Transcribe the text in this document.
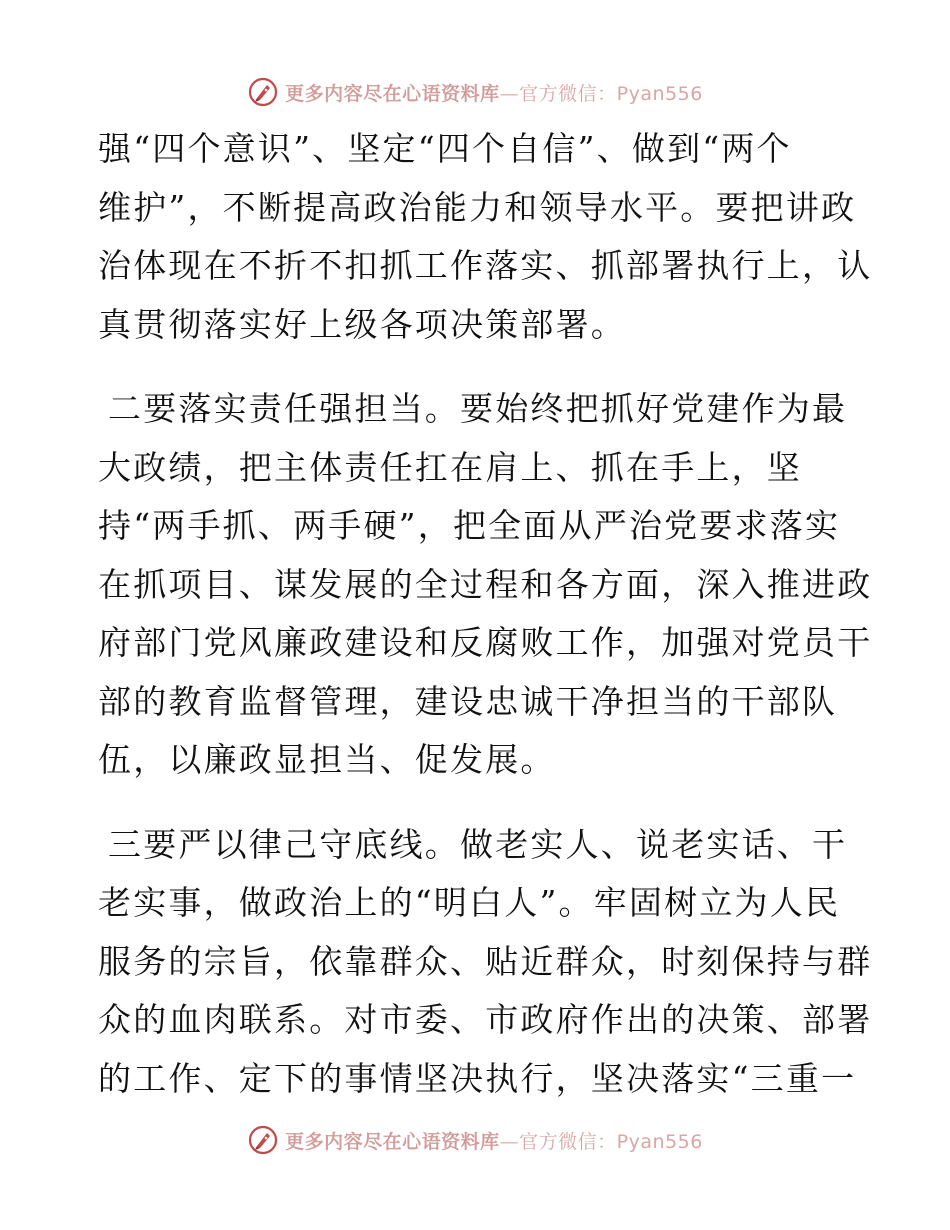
更多内容尽在心语资料库—官方微信：Pyan556
强“四个意识”、坚定“四个自信”、做到“两个
维护”，不断提高政治能力和领导水平。要把讲政
治体现在不折不扣抓工作落实、抓部署执行上，认
真贯彻落实好上级各项决策部署。
二要落实责任强担当。要始终把抓好党建作为最
大政绩，把主体责任扛在肩上、抓在手上，坚
持“两手抓、两手硬”，把全面从严治党要求落实
在抓项目、谋发展的全过程和各方面，深入推进政
府部门党风廉政建设和反腐败工作，加强对党员干
部的教育监督管理，建设忠诚干净担当的干部队
伍，以廉政显担当、促发展。
三要严以律己守底线。做老实人、说老实话、干
老实事，做政治上的“明白人”。牢固树立为人民
服务的宗旨，依靠群众、贴近群众，时刻保持与群
众的血肉联系。对市委、市政府作出的决策、部署
的工作、定下的事情坚决执行，坚决落实“三重一
更多内容尽在心语资料库—官方微信：Pyan556
